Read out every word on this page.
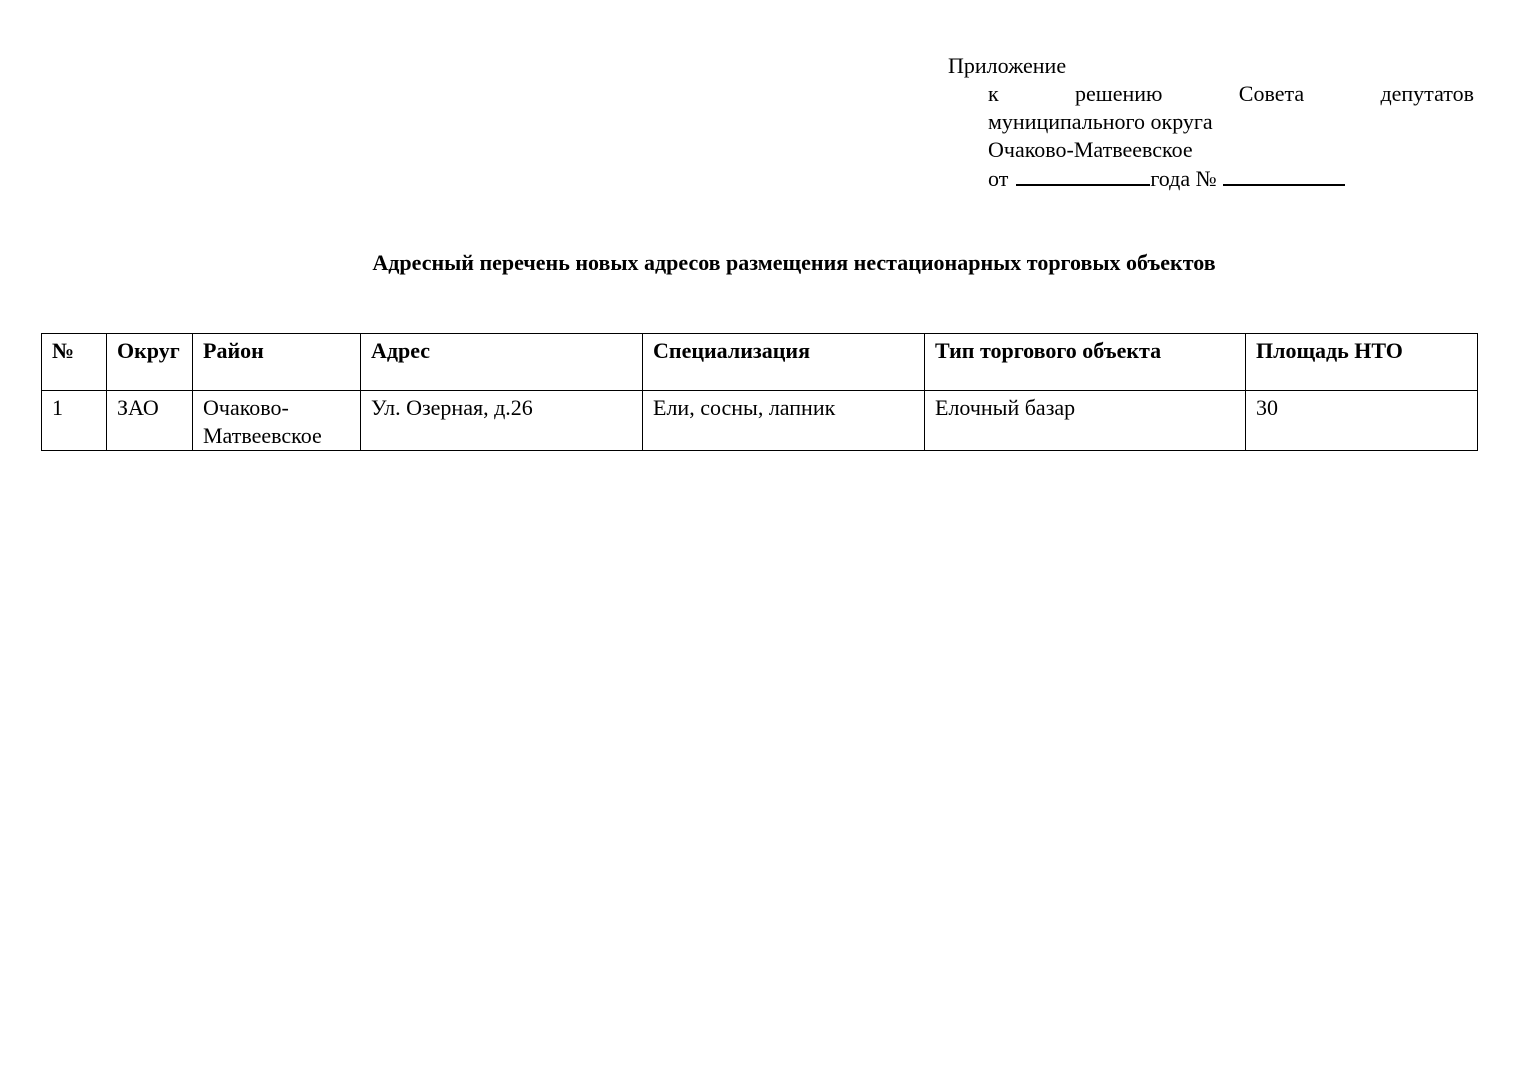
Приложение
к	решению	Совета	депутатов
муниципального округа
Очаково-Матвеевское
от	года №
Адресный перечень новых адресов размещения нестационарных торговых объектов
№	Округ	Район	Адрес	Специализация	Тип торгового объекта	Площадь НТО
1	ЗАО	Очаково-Матвеевское	Ул. Озерная, д.26	Ели, сосны, лапник	Елочный базар	30
